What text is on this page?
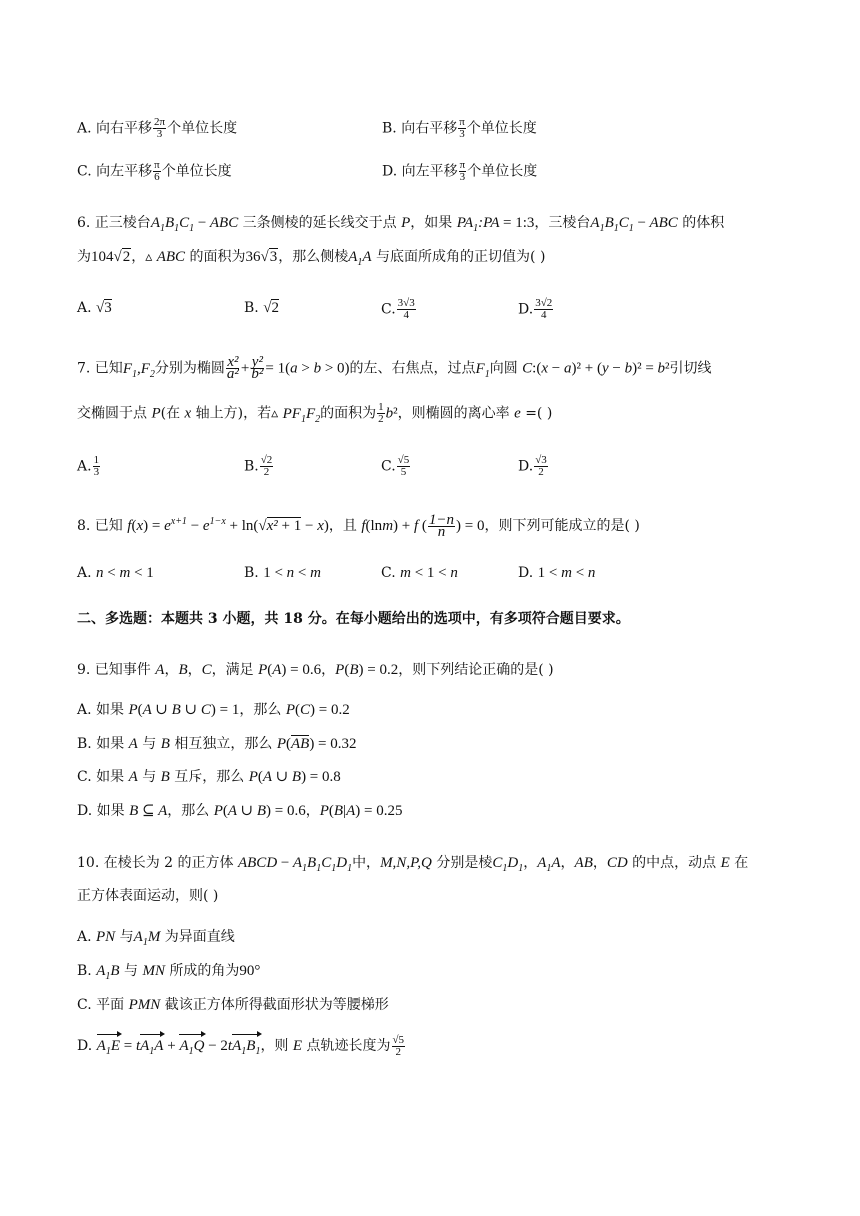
A. 向右平移 $\frac{2\pi}{3}$ 个单位长度	B. 向右平移 $\frac{\pi}{3}$ 个单位长度
C. 向左平移 $\frac{\pi}{6}$ 个单位长度	D. 向左平移 $\frac{\pi}{3}$ 个单位长度
6. 正三棱台$A_1B_1C_1$ − ABC 三条侧棱的延长线交于点 P，如果 $PA_1:PA$ = 1:3，三棱台$A_1B_1C_1$ − ABC 的体积
为104√2，▵ ABC 的面积为36√3，那么侧棱$A_1A$ 与底面所成角的正切值为( )
A. √3	B. √2	C. $\frac{3√3}{4}$	D. $\frac{3√2}{4}$
7. 已知$F_1,F_2$分别为椭圆 $\frac{\text{x²}}{\text{a²}} + \frac{\text{y²}}{\text{b²}} = 1(a > b > 0)$的左、右焦点，过点$F_1$向圆 C:(x − a)² + (y − b)² = b²引切线
交椭圆于点 P(在 x 轴上方)，若▵ $PF_1F_2$的面积为 $\frac{1}{2} b^2$，则椭圆的离心率 e =( )
A. $\frac{1}{3}$	B. $\frac{√2}{2}$	C. $\frac{√5}{5}$	D. $\frac{√3}{2}$
8. 已知 $f(x) = e^{x+1} - e^{1-x} + \ln(√x^2 + 1 - x)$，且 f(lnm) + f ( $\frac{1-n}{n}$ ) = 0，则下列可能成立的是( )
A. n < m < 1	B. 1 < n < m	C. m < 1 < n	D. 1 < m < n
二、多选题：本题共 3 小题，共 18 分。在每小题给出的选项中，有多项符合题目要求。
9. 已知事件 A，B，C，满足 P(A) = 0.6，P(B) = 0.2，则下列结论正确的是( )
A. 如果 P(A ∪ B ∪ C) = 1，那么 P(C) = 0.2
B. 如果 A 与 B 相互独立，那么 P(AB) = 0.32
C. 如果 A 与 B 互斥，那么 P(A ∪ B) = 0.8
D. 如果 B ⊆ A，那么 P(A ∪ B) = 0.6，P(B|A) = 0.25
10. 在棱长为 2 的正方体 ABCD − $A_1B_1C_1D_1$中，M,N,P,Q 分别是棱$C_1D_1$，$A_1A$，AB，CD 的中点，动点 E 在
正方体表面运动，则( )
A. PN 与$A_1M$ 为异面直线
B. $A_1B$ 与 MN 所成的角为90°
C. 平面 PMN 截该正方体所得截面形状为等腰梯形
D. $A_1E = tA_1A + A_1Q - 2tA_1B_1$，则 E 点轨迹长度为 $\frac{√5}{2}$
